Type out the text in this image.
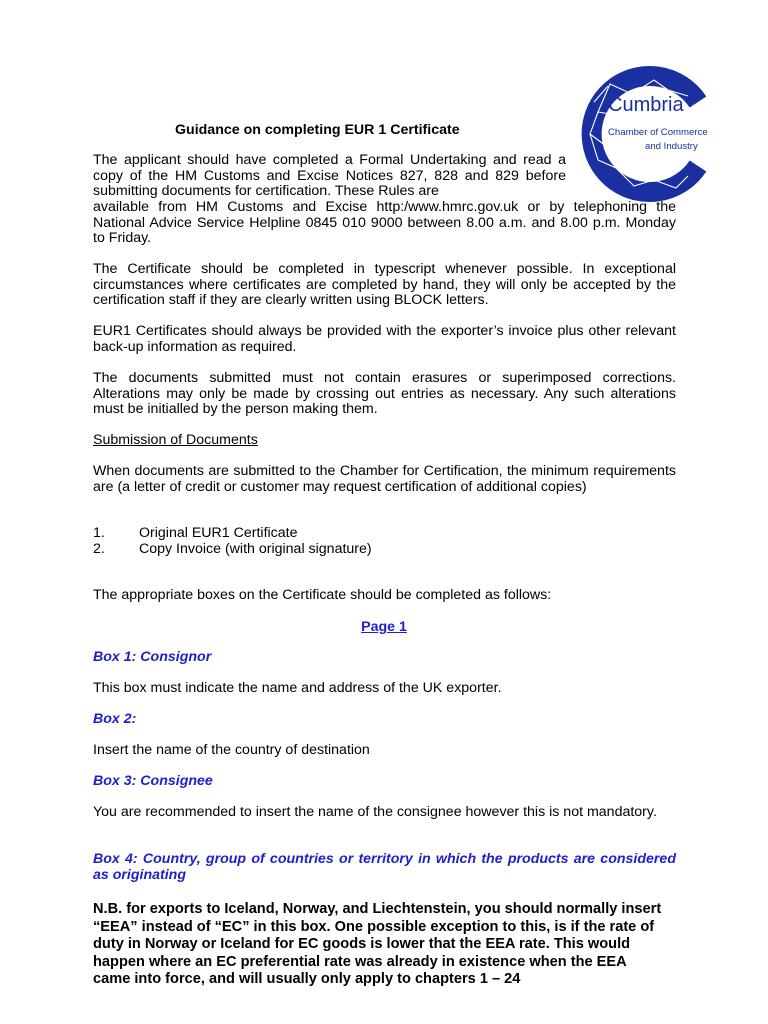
Cumbria
Chamber of Commerce
and Industry
Guidance on completing EUR 1 Certificate

The applicant should have completed a Formal Undertaking and read a copy of the HM Customs and Excise Notices 827, 828 and 829 before submitting documents for certification. These Rules are

available from HM Customs and Excise http:/www.hmrc.gov.uk or by telephoning the National Advice Service Helpline 0845 010 9000 between 8.00 a.m. and 8.00 p.m. Monday to Friday.

The Certificate should be completed in typescript whenever possible. In exceptional circumstances where certificates are completed by hand, they will only be accepted by the certification staff if they are clearly written using BLOCK letters.

EUR1 Certificates should always be provided with the exporter’s invoice plus other relevant back-up information as required.

The documents submitted must not contain erasures or superimposed corrections. Alterations may only be made by crossing out entries as necessary. Any such alterations must be initialled by the person making them.

Submission of Documents

When documents are submitted to the Chamber for Certification, the minimum requirements are (a letter of credit or customer may request certification of additional copies)

1.	Original EUR1 Certificate
2.	Copy Invoice (with original signature)

The appropriate boxes on the Certificate should be completed as follows:

Page 1

Box 1: Consignor

This box must indicate the name and address of the UK exporter.

Box 2:

Insert the name of the country of destination

Box 3: Consignee

You are recommended to insert the name of the consignee however this is not mandatory.

Box 4: Country, group of countries or territory in which the products are considered as originating

N.B. for exports to Iceland, Norway, and Liechtenstein, you should normally insert “EEA” instead of “EC” in this box. One possible exception to this, is if the rate of duty in Norway or Iceland for EC goods is lower that the EEA rate. This would happen where an EC preferential rate was already in existence when the EEA came into force, and will usually only apply to chapters 1 – 24
